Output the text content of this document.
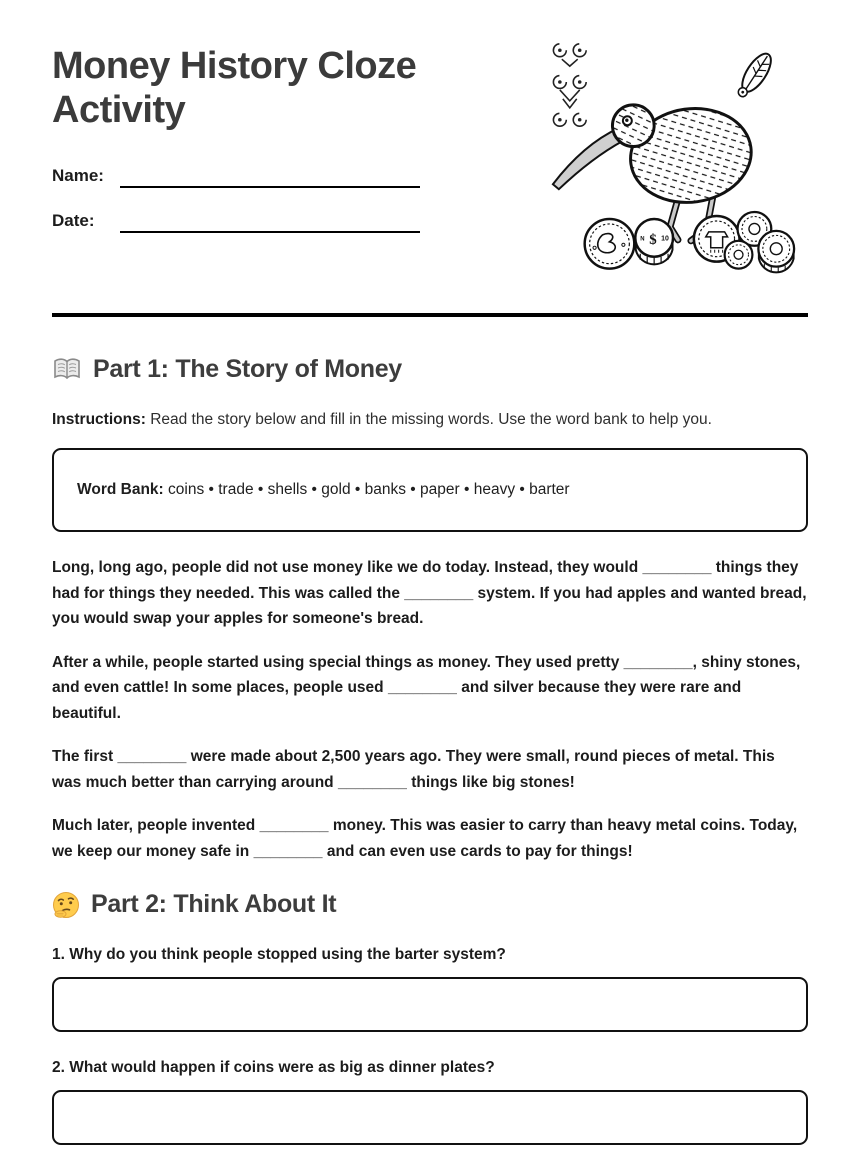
Money History Cloze Activity
Name:
Date:
N $ 10
Part 1: The Story of Money

Instructions: Read the story below and fill in the missing words. Use the word bank to help you.

Word Bank: coins • trade • shells • gold • banks • paper • heavy • barter

Long, long ago, people did not use money like we do today. Instead, they would ________ things they had for things they needed. This was called the ________ system. If you had apples and wanted bread, you would swap your apples for someone's bread.

After a while, people started using special things as money. They used pretty ________, shiny stones, and even cattle! In some places, people used ________ and silver because they were rare and beautiful.

The first ________ were made about 2,500 years ago. They were small, round pieces of metal. This was much better than carrying around ________ things like big stones!

Much later, people invented ________ money. This was easier to carry than heavy metal coins. Today, we keep our money safe in ________ and can even use cards to pay for things!

Part 2: Think About It

1. Why do you think people stopped using the barter system?

2. What would happen if coins were as big as dinner plates?
